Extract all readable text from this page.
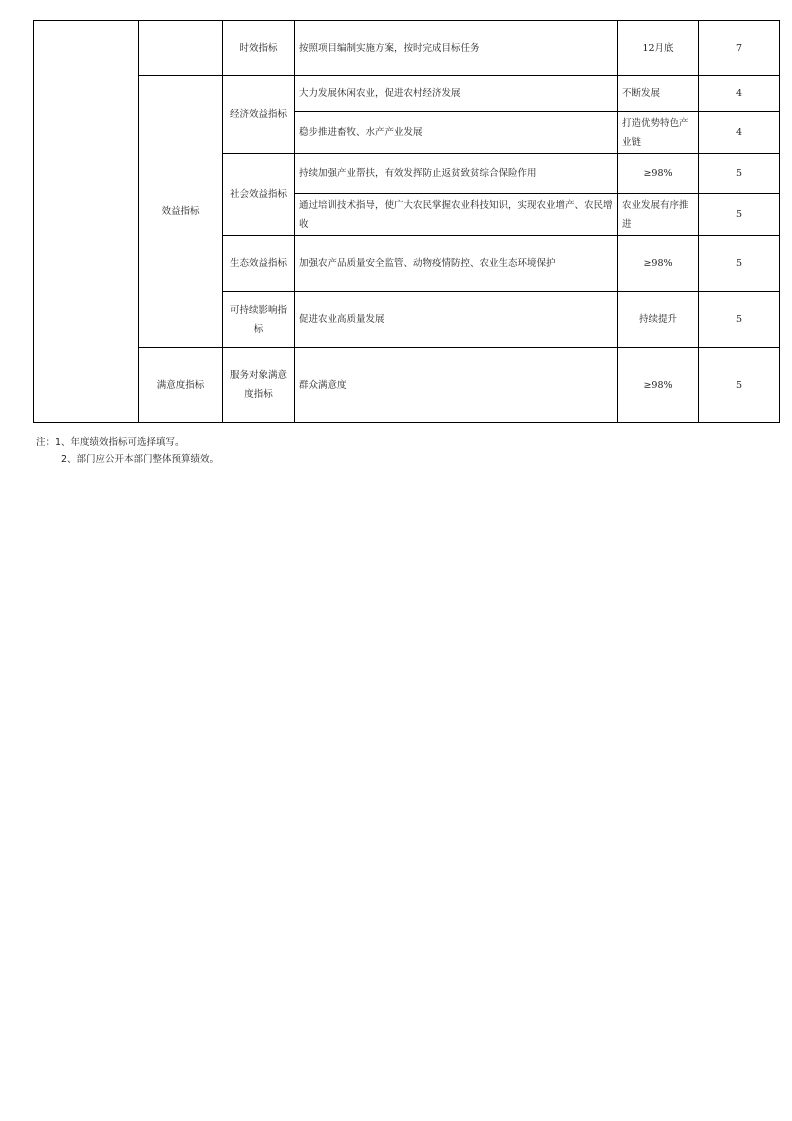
		时效指标	按照项目编制实施方案，按时完成目标任务	12月底	7
	效益指标	经济效益指标	大力发展休闲农业，促进农村经济发展	不断发展	4
			稳步推进畜牧、水产产业发展	打造优势特色产业链	4
		社会效益指标	持续加强产业帮扶，有效发挥防止返贫致贫综合保险作用	≥98%	5
			通过培训技术指导，使广大农民掌握农业科技知识，实现农业增产、农民增收	农业发展有序推进	5
		生态效益指标	加强农产品质量安全监管、动物疫情防控、农业生态环境保护	≥98%	5
		可持续影响指标	促进农业高质量发展	持续提升	5
	满意度指标	服务对象满意度指标	群众满意度	≥98%	5
注：1、年度绩效指标可选择填写。
2、部门应公开本部门整体预算绩效。
